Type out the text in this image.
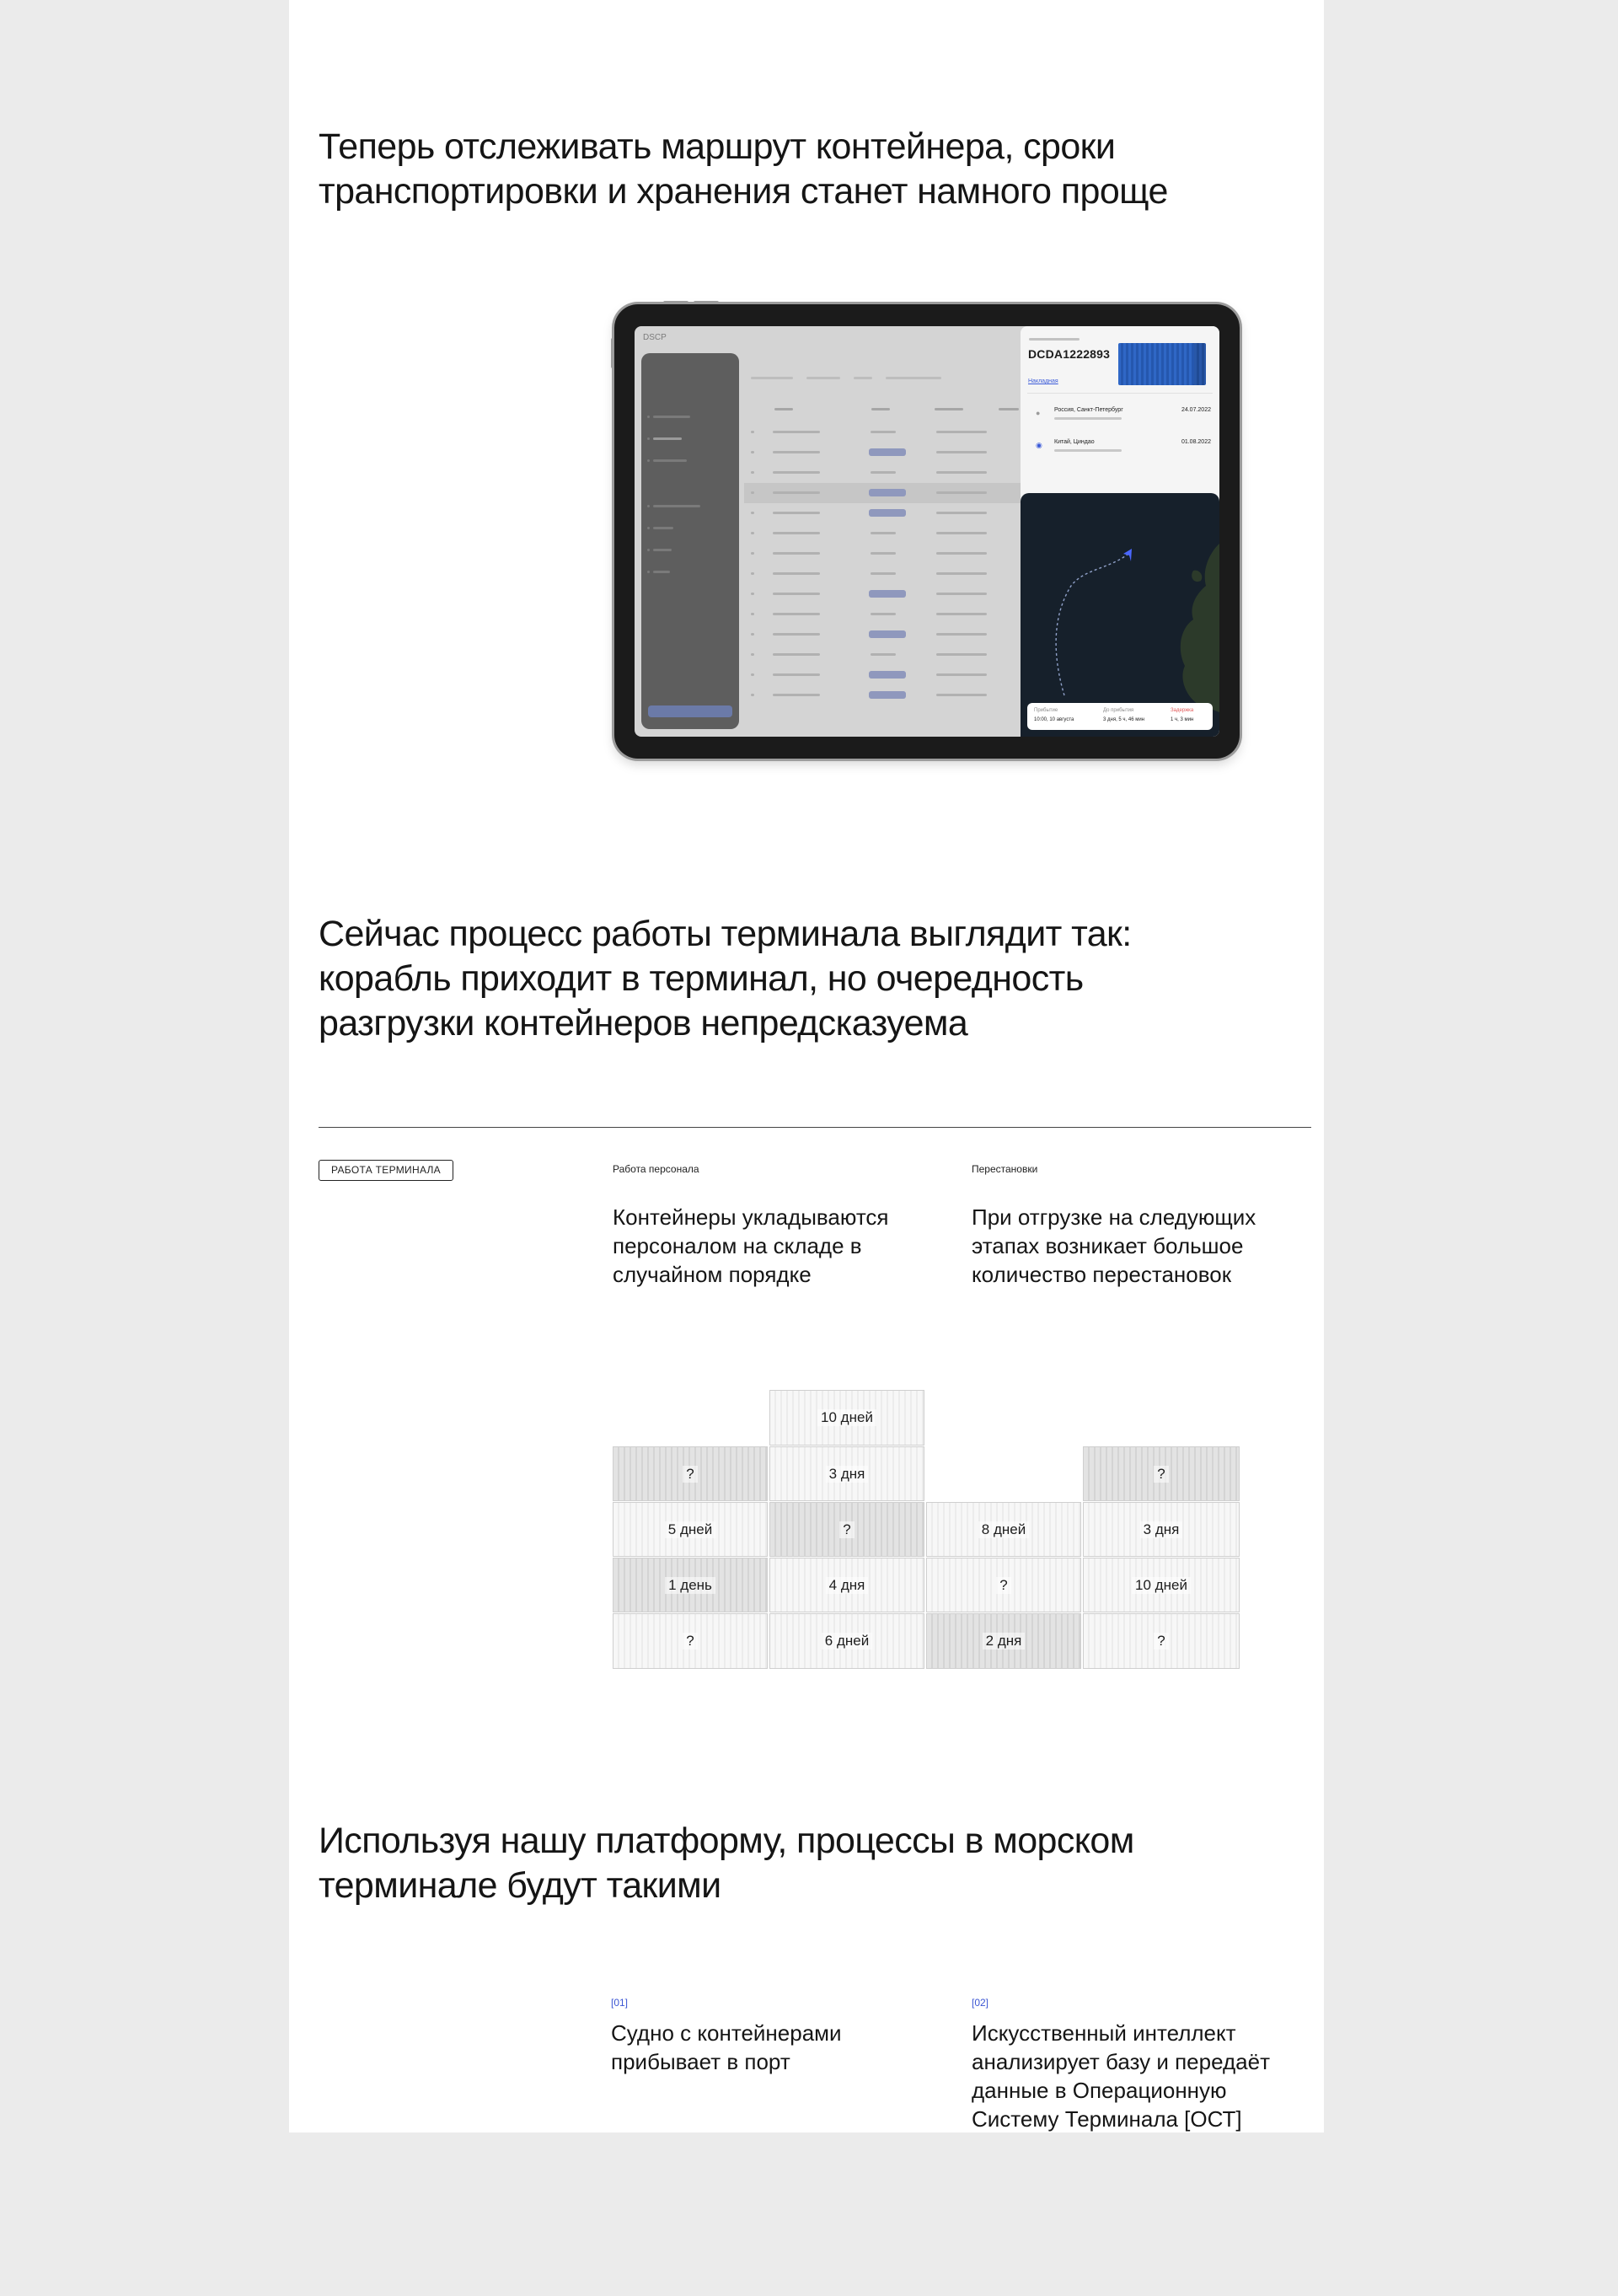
Теперь отслеживать маршрут контейнера, сроки транспортировки и хранения станет намного проще
DSCP
DCDA1222893
Накладная
● Россия, Санкт-Петербург	24.07.2022
◉ Китай, Циндао	01.08.2022
Прибытие
10:00, 10 августа
До прибытия
3 дня, 5 ч, 46 мин
Задержка
1 ч, 3 мин
Сейчас процесс работы терминала выглядит так: корабль приходит в терминал, но очередность разгрузки контейнеров непредсказуема
РАБОТА ТЕРМИНАЛА	Работа персонала

Контейнеры укладываются персоналом на складе в случайном порядке

Перестановки

При отгрузке на следующих этапах возникает большое количество перестановок

?
5 дней
1 день
?
10 дней
3 дня
?
4 дня
6 дней
8 дней
?
2 дня
?
3 дня
10 дней
?
Используя нашу платформу, процессы в морском терминале будут такими
[01]

Судно с контейнерами прибывает в порт

[02]

Искусственный интеллект анализирует базу и передаёт данные в Операционную Систему Терминала [ОСТ]
